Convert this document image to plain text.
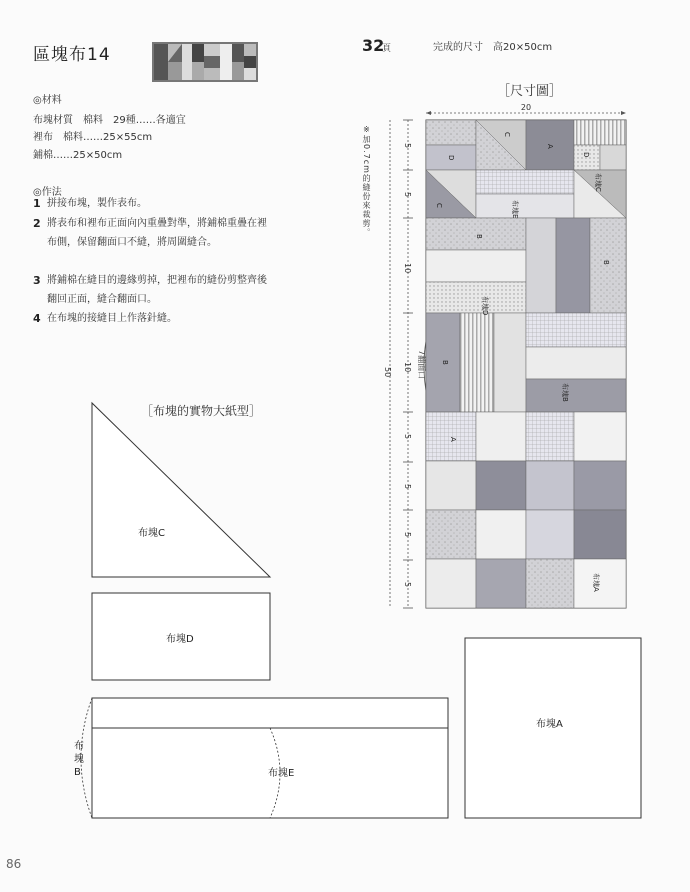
區塊布14	32
頁	完成的尺寸　高20×50cm
◎材料
布塊材質　棉料　29種……各適宜
裡布　棉料……25×55cm
鋪棉……25×50cm
◎作法
1 拼接布塊，製作表布。
2 將表布和裡布正面向內重疊對準，將鋪棉重疊在裡布側，保留翻面口不縫，將周圍縫合。
3 將鋪棉在縫目的邊緣剪掉，把裡布的縫份剪整齊後翻回正面，縫合翻面口。
4 在布塊的接縫目上作落針縫。
［尺寸圖］
※加0.7cm的縫份來裁剪。
20
50
5
5
10
10
5
5
5
5
7翻面口
A
A
B
B
C
C
D
D
布塊E
布塊A
布塊B
布塊C
布塊D
B
［布塊的實物大紙型］
布塊C
布塊D
布塊E
布塊A
布塊B
86
